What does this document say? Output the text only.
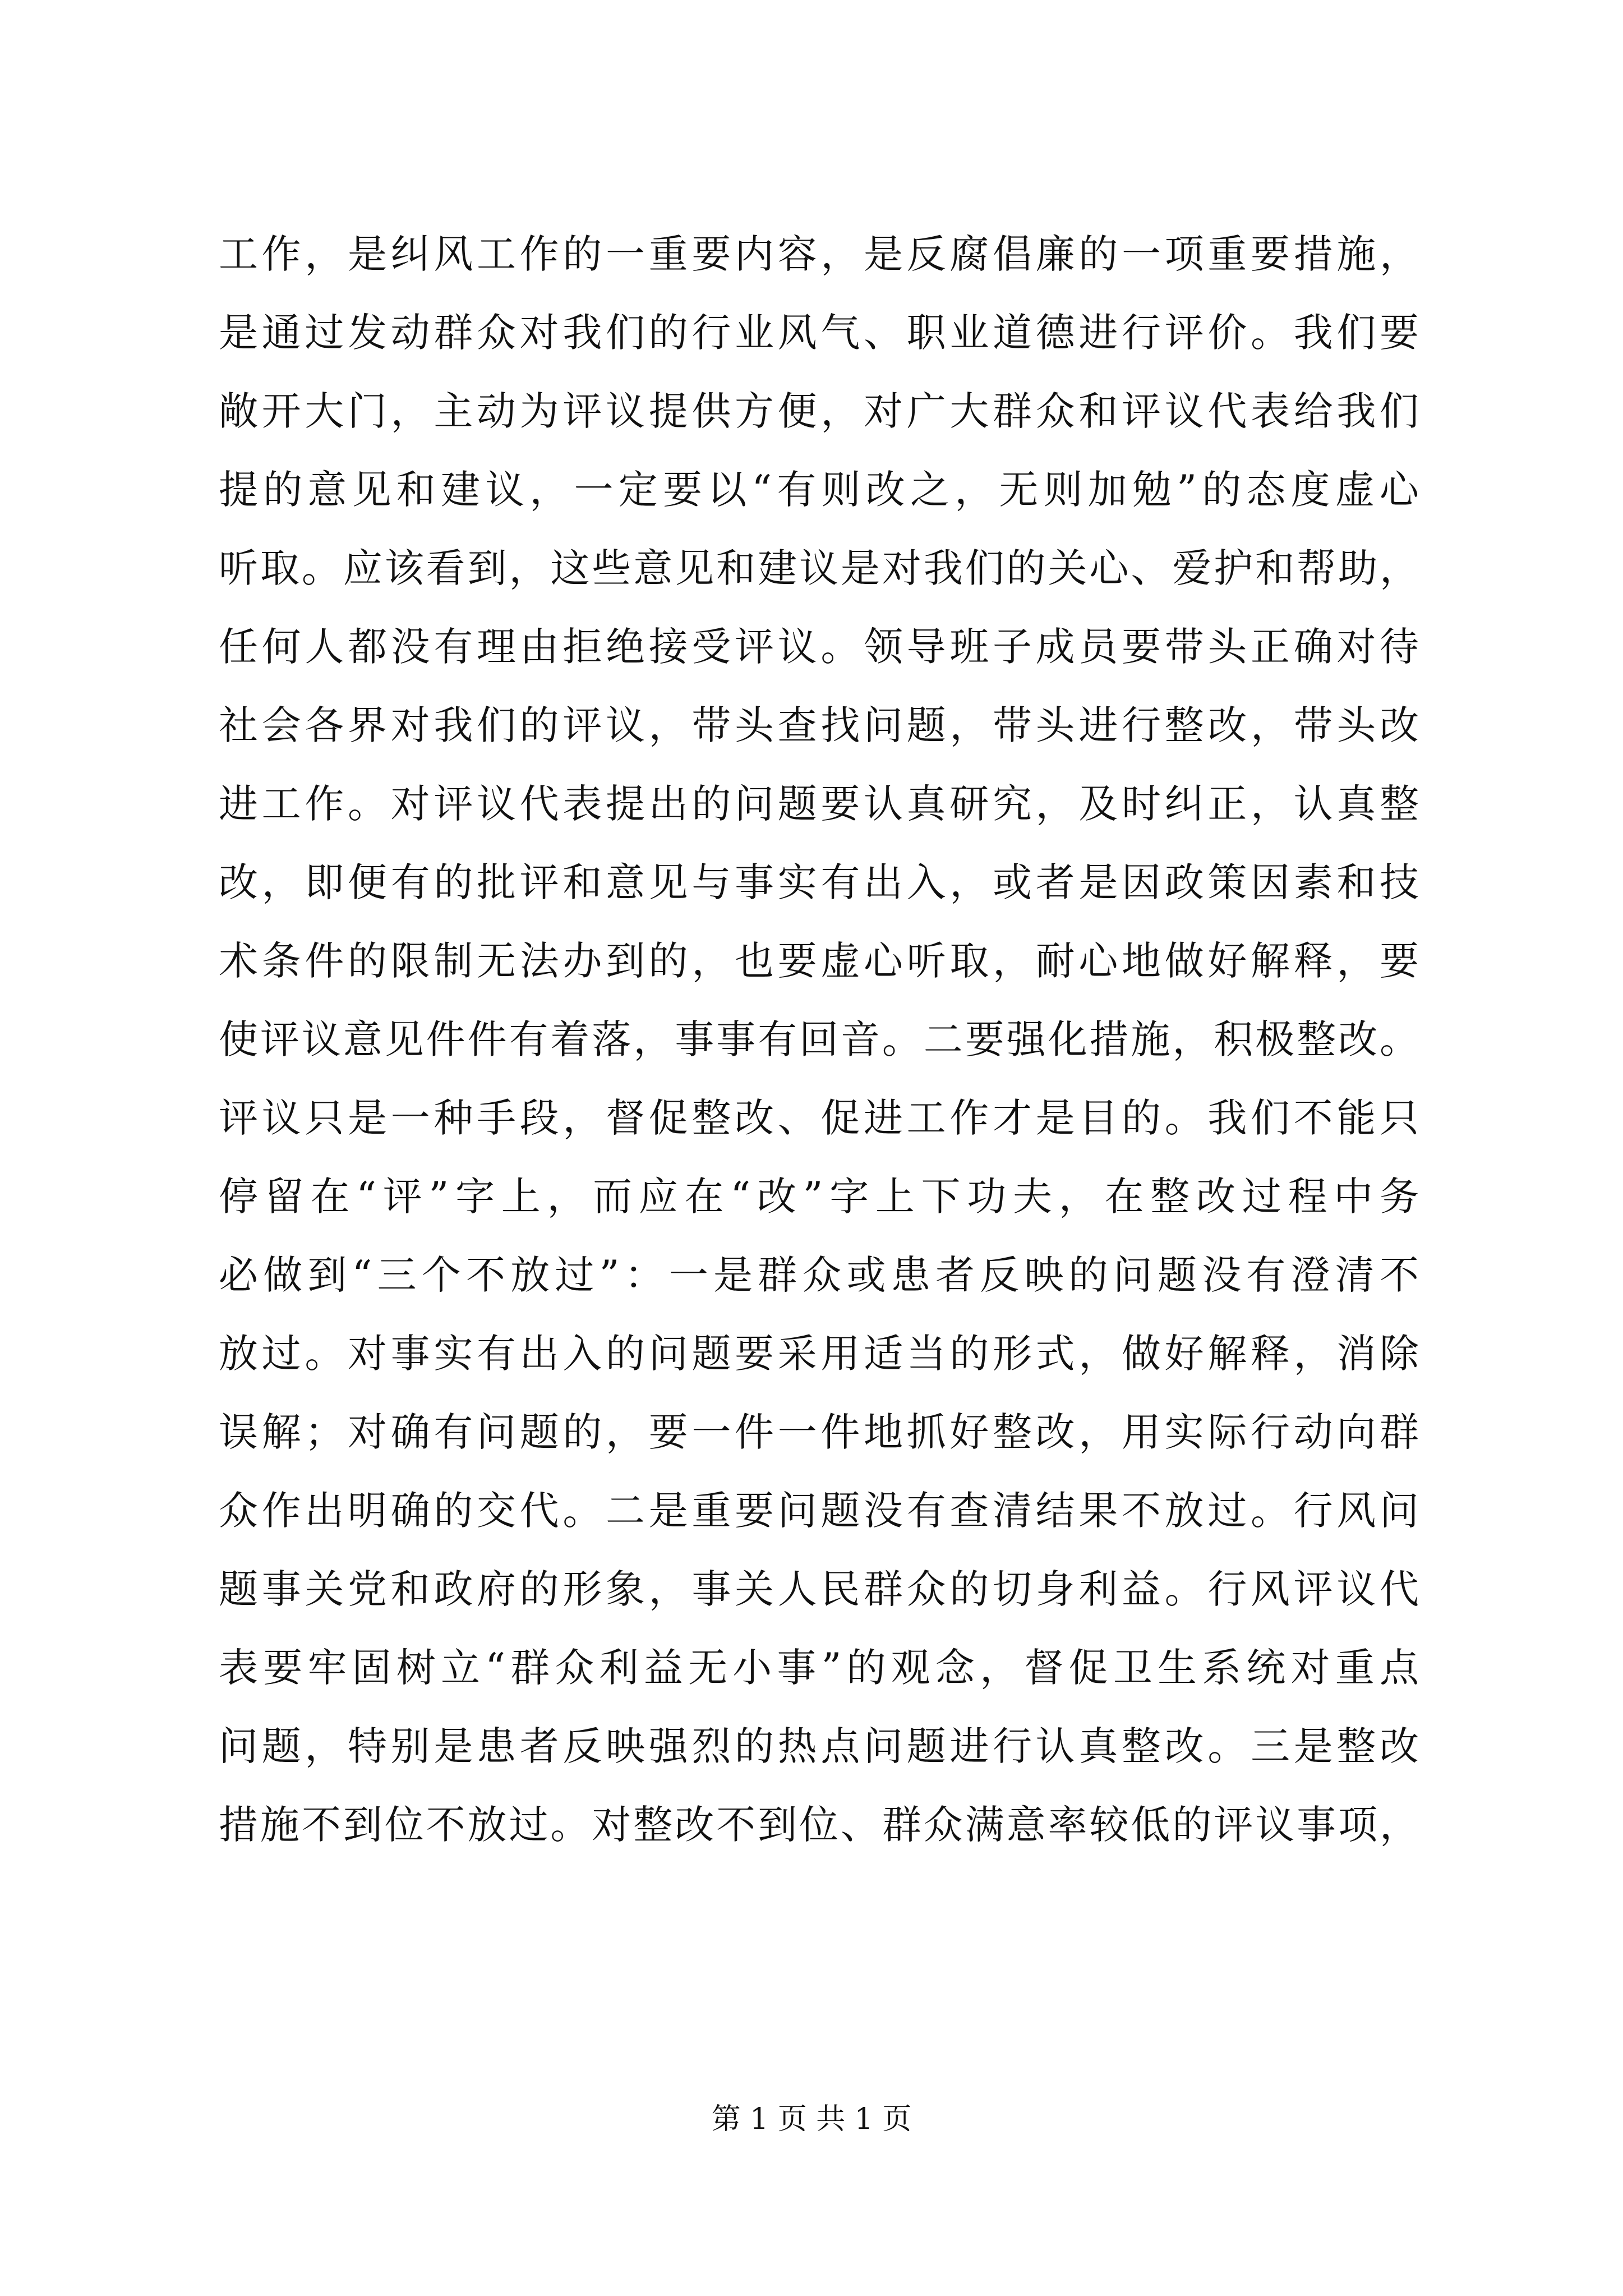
工作，是纠风工作的一重要内容，是反腐倡廉的一项重要措施，
是通过发动群众对我们的行业风气、职业道德进行评价。我们要
敞开大门，主动为评议提供方便，对广大群众和评议代表给我们
提的意见和建议，一定要以“有则改之，无则加勉”的态度虚心
听取。应该看到，这些意见和建议是对我们的关心、爱护和帮助，
任何人都没有理由拒绝接受评议。领导班子成员要带头正确对待
社会各界对我们的评议，带头查找问题，带头进行整改，带头改
进工作。对评议代表提出的问题要认真研究，及时纠正，认真整
改，即便有的批评和意见与事实有出入，或者是因政策因素和技
术条件的限制无法办到的，也要虚心听取，耐心地做好解释，要
使评议意见件件有着落，事事有回音。二要强化措施，积极整改。
评议只是一种手段，督促整改、促进工作才是目的。我们不能只
停留在“评”字上，而应在“改”字上下功夫，在整改过程中务
必做到“三个不放过”：一是群众或患者反映的问题没有澄清不
放过。对事实有出入的问题要采用适当的形式，做好解释，消除
误解；对确有问题的，要一件一件地抓好整改，用实际行动向群
众作出明确的交代。二是重要问题没有查清结果不放过。行风问
题事关党和政府的形象，事关人民群众的切身利益。行风评议代
表要牢固树立“群众利益无小事”的观念，督促卫生系统对重点
问题，特别是患者反映强烈的热点问题进行认真整改。三是整改
措施不到位不放过。对整改不到位、群众满意率较低的评议事项，
第 1 页 共 1 页
